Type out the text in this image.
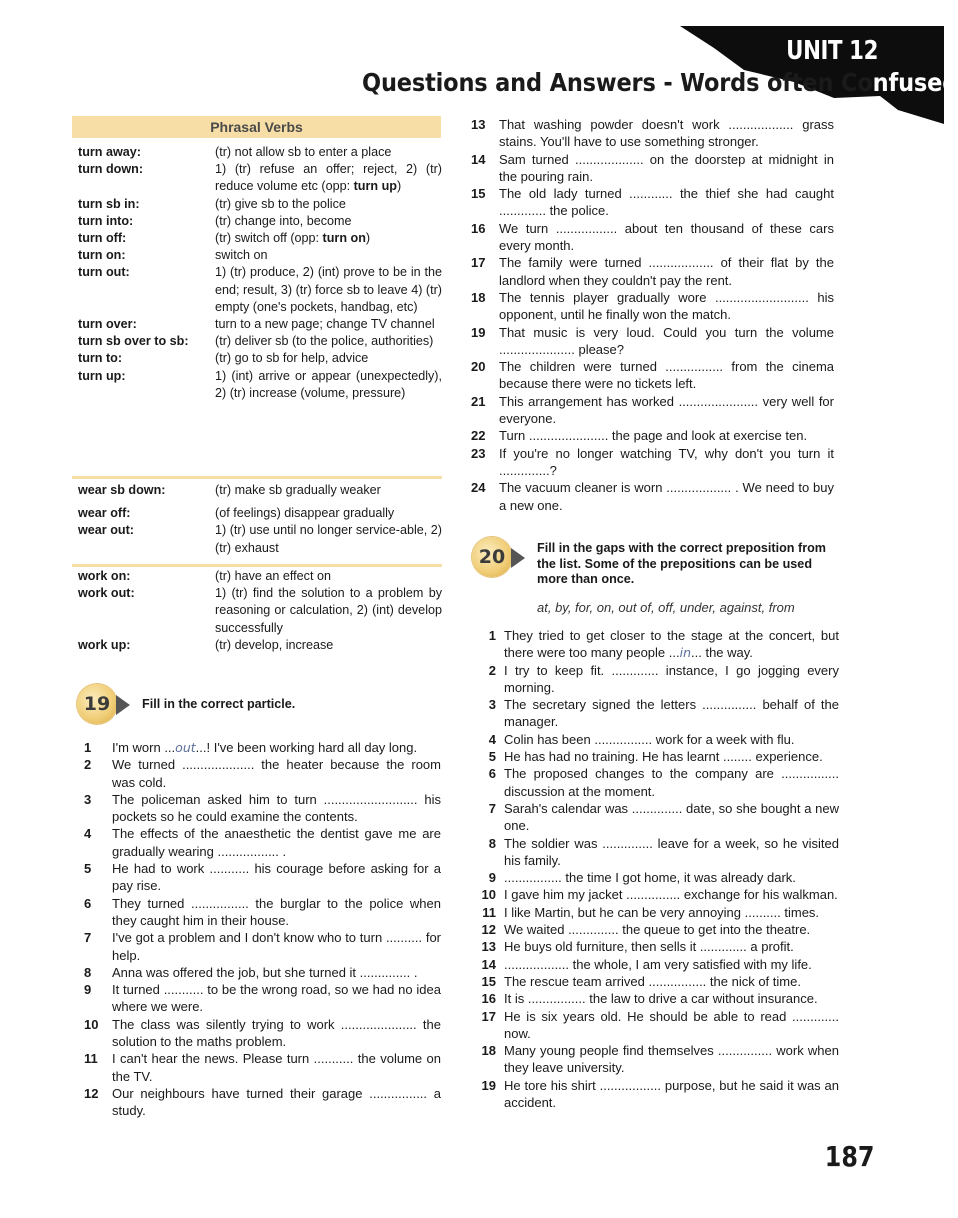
UNIT 12
Questions and Answers - Words often Confused
Phrasal Verbs
turn away:	(tr) not allow sb to enter a place
turn down:	1) (tr) refuse an offer; reject, 2) (tr) reduce volume etc (opp: turn up)
turn sb in:	(tr) give sb to the police
turn into:	(tr) change into, become
turn off:	(tr) switch off (opp: turn on)
turn on:	switch on
turn out:	1) (tr) produce, 2) (int) prove to be in the end; result, 3) (tr) force sb to leave 4) (tr) empty (one's pockets, handbag, etc)
turn over:	turn to a new page; change TV channel
turn sb over to sb:	(tr) deliver sb (to the police, authorities)
turn to:	(tr) go to sb for help, advice
turn up:	1) (int) arrive or appear (unexpectedly), 2) (tr) increase (volume, pressure)
wear sb down:	(tr) make sb gradually weaker
wear off:	(of feelings) disappear gradually
wear out:	1) (tr) use until no longer service-able, 2) (tr) exhaust
work on:	(tr) have an effect on
work out:	1) (tr) find the solution to a problem by reasoning or calculation, 2) (int) develop successfully
work up:	(tr) develop, increase
19	Fill in the correct particle.
1	I'm worn ...out...! I've been working hard all day long.
2	We turned .................... the heater because the room was cold.
3	The policeman asked him to turn .......................... his pockets so he could examine the contents.
4	The effects of the anaesthetic the dentist gave me are gradually wearing ................. .
5	He had to work ........... his courage before asking for a pay rise.
6	They turned ................ the burglar to the police when they caught him in their house.
7	I've got a problem and I don't know who to turn .......... for help.
8	Anna was offered the job, but she turned it .............. .
9	It turned ........... to be the wrong road, so we had no idea where we were.
10	The class was silently trying to work ..................... the solution to the maths problem.
11	I can't hear the news. Please turn ........... the volume on the TV.
12	Our neighbours have turned their garage ................ a study.
13	That washing powder doesn't work .................. grass stains. You'll have to use something stronger.
14	Sam turned ................... on the doorstep at midnight in the pouring rain.
15	The old lady turned ............ the thief she had caught ............. the police.
16	We turn ................. about ten thousand of these cars every month.
17	The family were turned .................. of their flat by the landlord when they couldn't pay the rent.
18	The tennis player gradually wore .......................... his opponent, until he finally won the match.
19	That music is very loud. Could you turn the volume ..................... please?
20	The children were turned ................ from the cinema because there were no tickets left.
21	This arrangement has worked ...................... very well for everyone.
22	Turn ...................... the page and look at exercise ten.
23	If you're no longer watching TV, why don't you turn it ..............?
24	The vacuum cleaner is worn .................. . We need to buy a new one.
20	Fill in the gaps with the correct preposition from the list. Some of the prepositions can be used more than once.
at, by, for, on, out of, off, under, against, from
1 They tried to get closer to the stage at the concert, but there were too many people ...in... the way.
2 I try to keep fit. ............. instance, I go jogging every morning.
3 The secretary signed the letters ............... behalf of the manager.
4 Colin has been ................ work for a week with flu.
5 He has had no training. He has learnt ........ experience.
6 The proposed changes to the company are ................ discussion at the moment.
7 Sarah's calendar was .............. date, so she bought a new one.
8 The soldier was .............. leave for a week, so he visited his family.
9 ................ the time I got home, it was already dark.
10 I gave him my jacket ............... exchange for his walkman.
11 I like Martin, but he can be very annoying .......... times.
12 We waited .............. the queue to get into the theatre.
13 He buys old furniture, then sells it ............. a profit.
14 .................. the whole, I am very satisfied with my life.
15 The rescue team arrived ................ the nick of time.
16 It is ................ the law to drive a car without insurance.
17 He is six years old. He should be able to read ............. now.
18 Many young people find themselves ............... work when they leave university.
19 He tore his shirt ................. purpose, but he said it was an accident.
187
